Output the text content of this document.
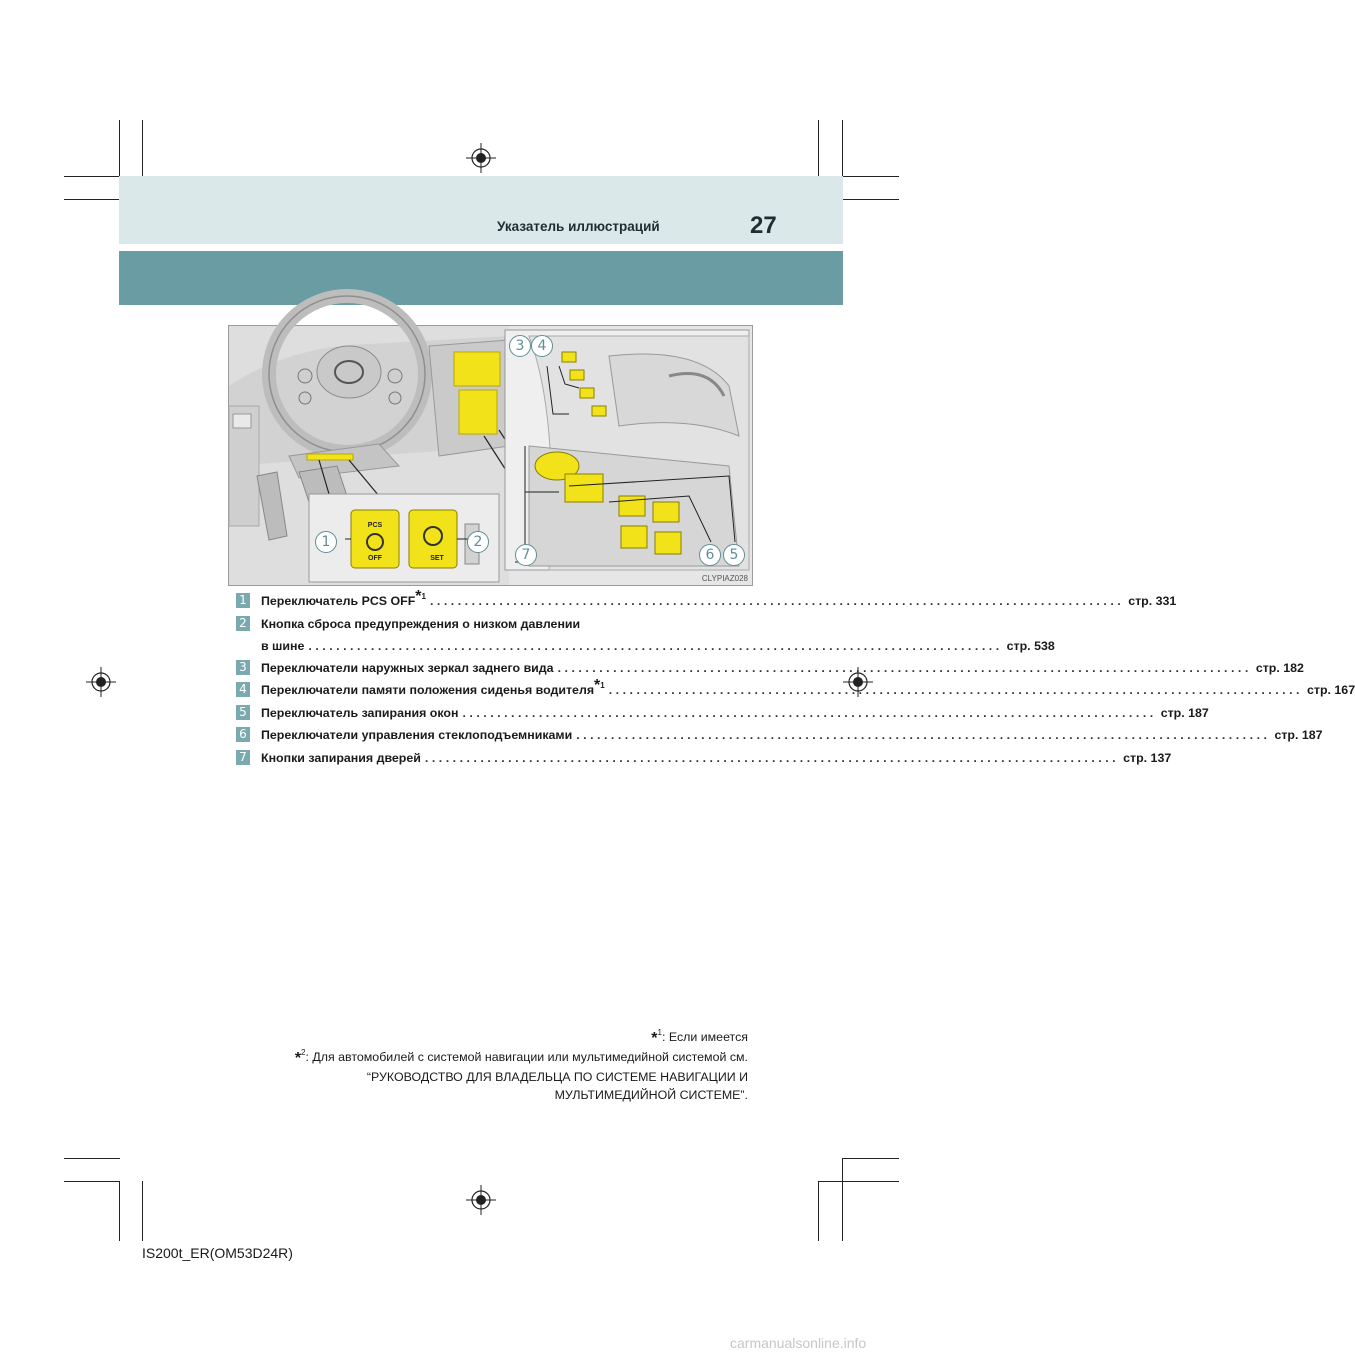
Указатель иллюстраций	27
PCS
OFF	SET
1	2
3 4
5
6
7
CLYPIAZ028
1 Переключатель PCS OFF$^{*1}$ .................................................................................................... стр. 331
2 Кнопка сброса предупреждения о низком давлении
в шине .................................................................................................... стр. 538
3 Переключатели наружных зеркал заднего вида .................................................................................................... стр. 182
4 Переключатели памяти положения сиденья водителя$^{*1}$ .................................................................................................... стр. 167
5 Переключатель запирания окон .................................................................................................... стр. 187
6 Переключатели управления стеклоподъемниками .................................................................................................... стр. 187
7 Кнопки запирания дверей .................................................................................................... стр. 137
*$^1$: Если имеется
*$^2$: Для автомобилей с системой навигации или мультимедийной системой см.
“РУКОВОДСТВО ДЛЯ ВЛАДЕЛЬЦА ПО СИСТЕМЕ НАВИГАЦИИ И
МУЛЬТИМЕДИЙНОЙ СИСТЕМЕ”.
IS200t_ER(OM53D24R)
carmanualsonline.info
